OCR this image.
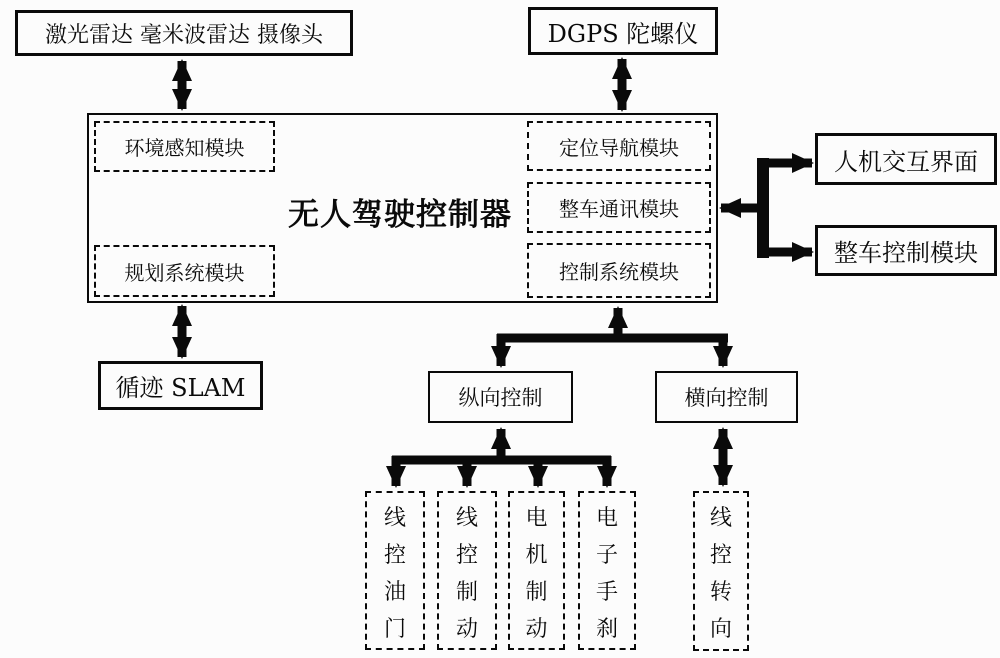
激光雷达 毫米波雷达 摄像头	DGPS 陀螺仪
无人驾驶控制器
环境感知模块
规划系统模块
定位导航模块
整车通讯模块
控制系统模块
人机交互界面
整车控制模块
循迹 SLAM	纵向控制	横向控制
线控油门
线控制动
电机制动
电子手刹
线控转向
